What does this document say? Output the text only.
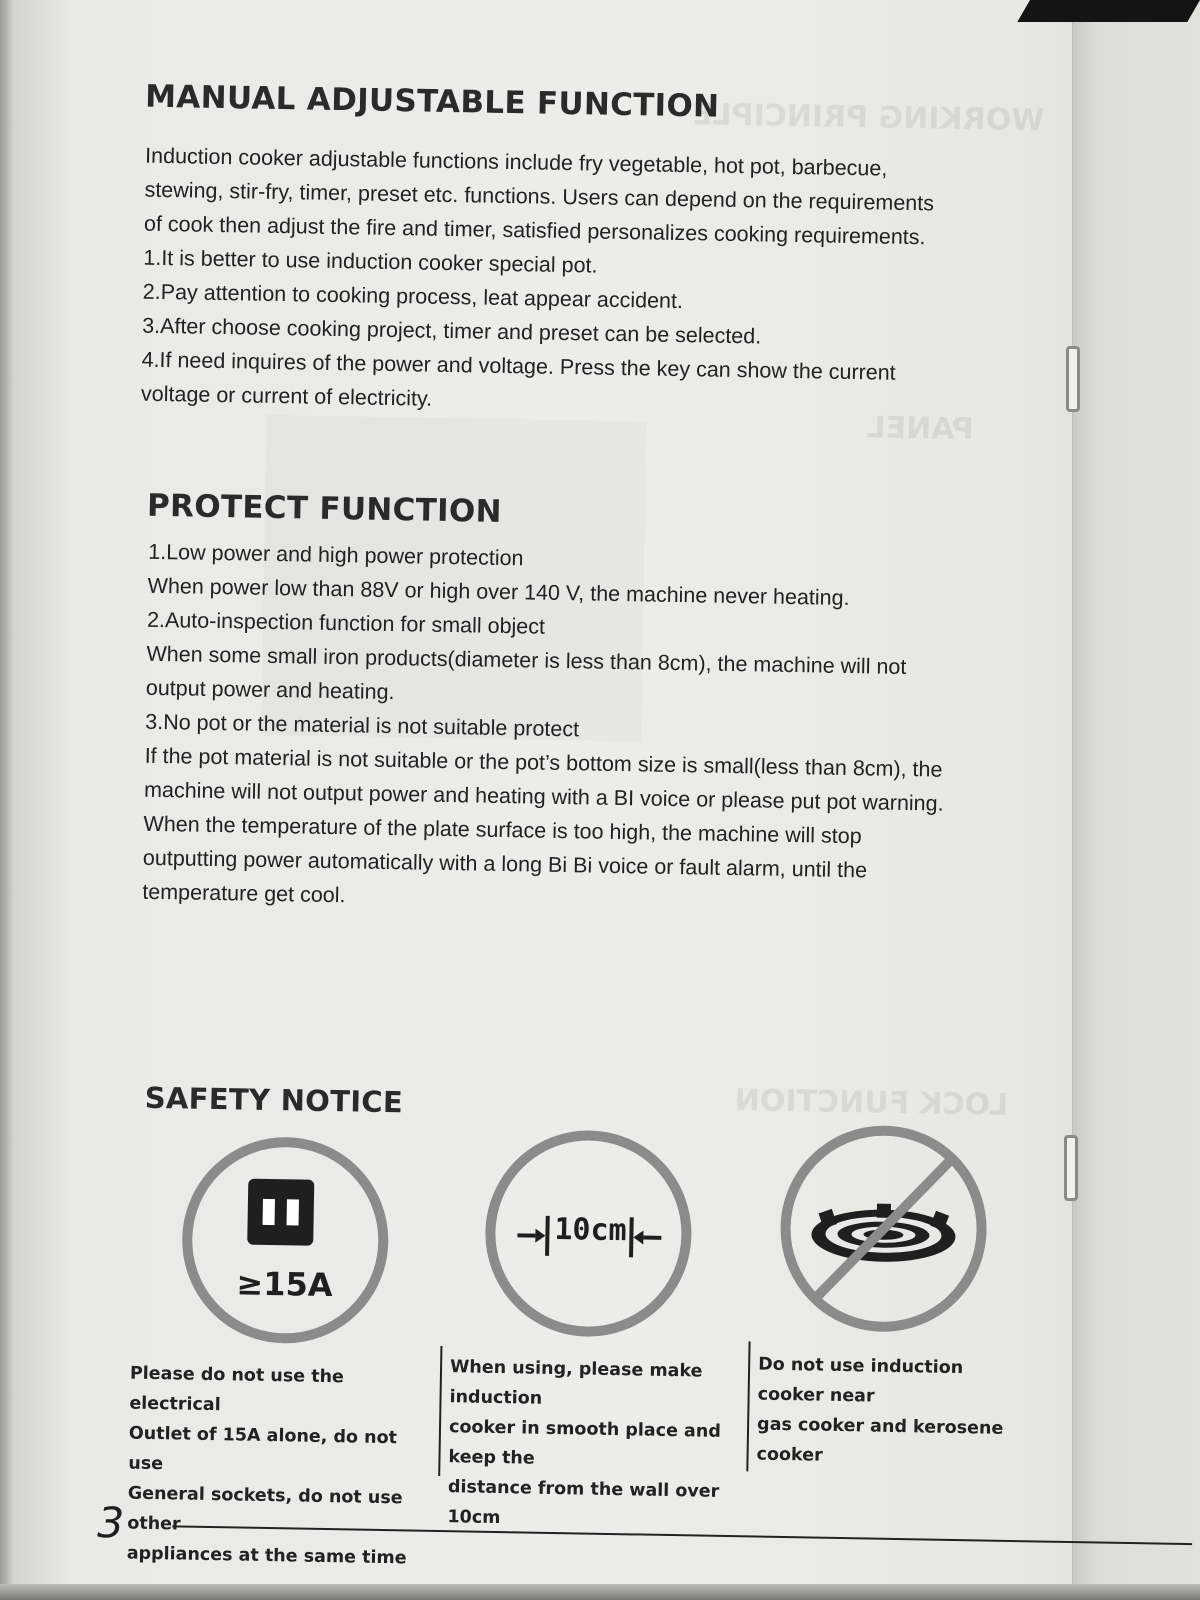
WORKING PRINCIPLE
PANEL
LOCK FUNCTION
MANUAL ADJUSTABLE FUNCTION

Induction cooker adjustable functions include fry vegetable, hot pot, barbecue,

stewing, stir-fry, timer, preset etc. functions. Users can depend on the requirements

of cook then adjust the fire and timer, satisfied personalizes cooking requirements.

1.It is better to use induction cooker special pot.

2.Pay attention to cooking process, leat appear accident.

3.After choose cooking project, timer and preset can be selected.

4.If need inquires of the power and voltage. Press the key can show the current

voltage or current of electricity.

PROTECT FUNCTION

1.Low power and high power protection

When power low than 88V or high over 140 V, the machine never heating.

2.Auto-inspection function for small object

When some small iron products(diameter is less than 8cm), the machine will not

output power and heating.

3.No pot or the material is not suitable protect

If the pot material is not suitable or the pot’s bottom size is small(less than 8cm), the

machine will not output power and heating with a BI voice or please put pot warning.

When the temperature of the plate surface is too high, the machine will stop

outputting power automatically with a long Bi Bi voice or fault alarm, until the

temperature get cool.

SAFETY NOTICE
≥15A
10cm
Please do not use the electrical
Outlet of 15A alone, do not use
General sockets, do not use other
appliances at the same time
When using, please make induction
cooker in smooth place and keep the
distance from the wall over 10cm
Do not use induction cooker near
gas cooker and kerosene cooker
3
